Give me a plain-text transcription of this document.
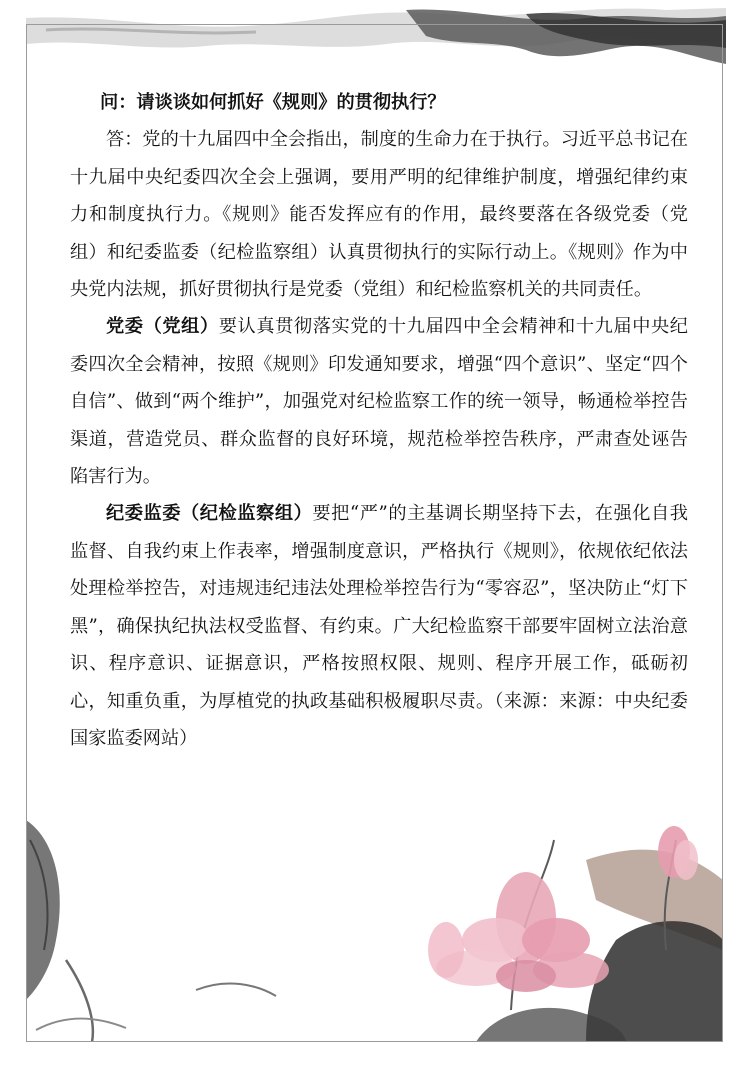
问：请谈谈如何抓好《规则》的贯彻执行？

答：党的十九届四中全会指出，制度的生命力在于执行。习近平总书记在十九届中央纪委四次全会上强调，要用严明的纪律维护制度，增强纪律约束力和制度执行力。《规则》能否发挥应有的作用，最终要落在各级党委（党组）和纪委监委（纪检监察组）认真贯彻执行的实际行动上。《规则》作为中央党内法规，抓好贯彻执行是党委（党组）和纪检监察机关的共同责任。

党委（党组）要认真贯彻落实党的十九届四中全会精神和十九届中央纪委四次全会精神，按照《规则》印发通知要求，增强“四个意识”、坚定“四个自信”、做到“两个维护”，加强党对纪检监察工作的统一领导，畅通检举控告渠道，营造党员、群众监督的良好环境，规范检举控告秩序，严肃查处诬告陷害行为。

纪委监委（纪检监察组）要把“严”的主基调长期坚持下去，在强化自我监督、自我约束上作表率，增强制度意识，严格执行《规则》，依规依纪依法处理检举控告，对违规违纪违法处理检举控告行为“零容忍”，坚决防止“灯下黑”，确保执纪执法权受监督、有约束。广大纪检监察干部要牢固树立法治意识、程序意识、证据意识，严格按照权限、规则、程序开展工作，砥砺初心，知重负重，为厚植党的执政基础积极履职尽责。（来源：来源：中央纪委国家监委网站）
